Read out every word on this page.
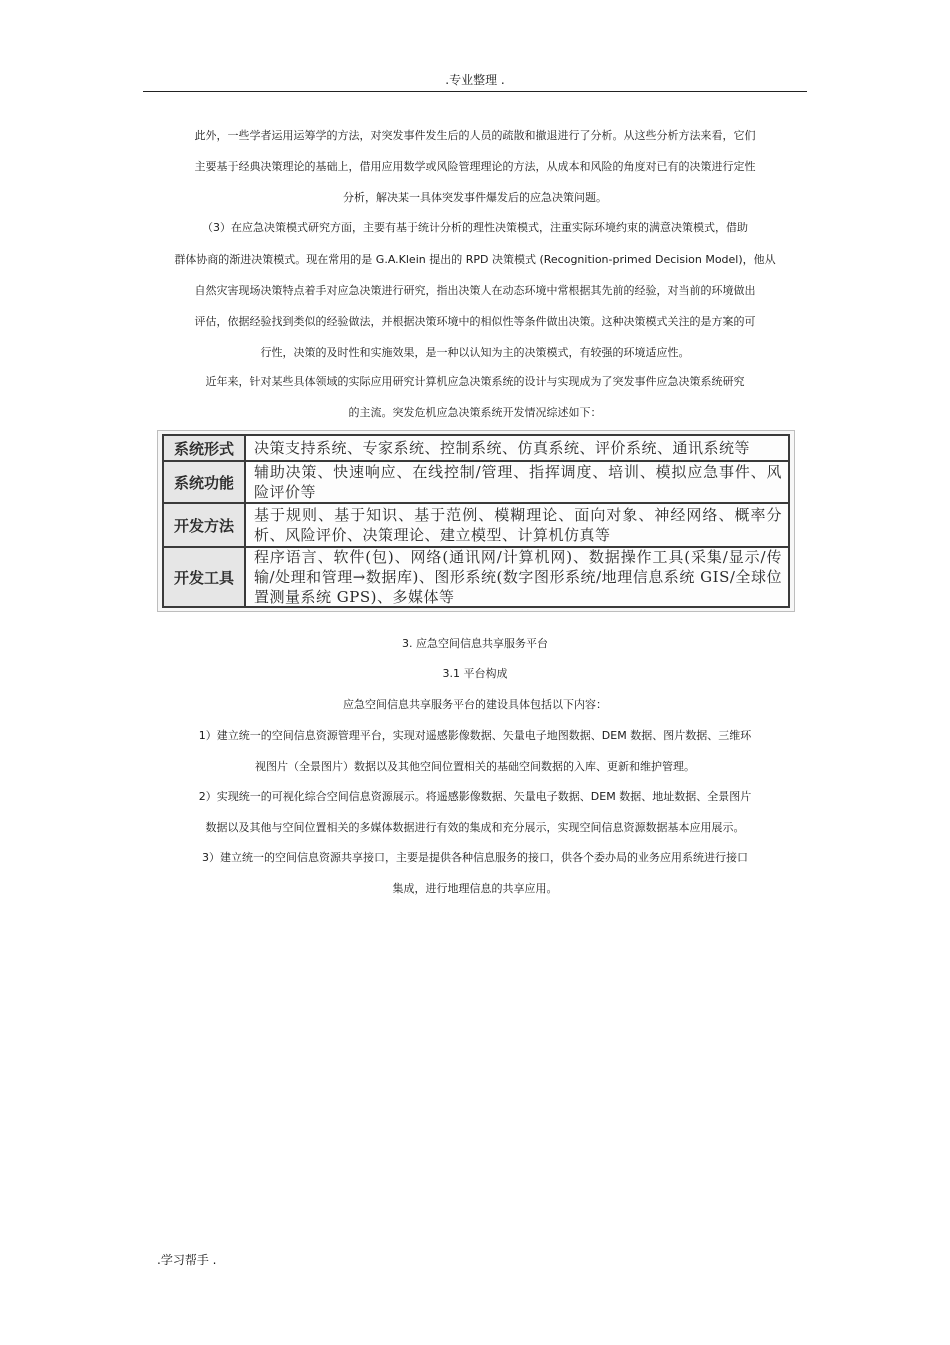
.专业整理 .
此外，一些学者运用运筹学的方法，对突发事件发生后的人员的疏散和撤退进行了分析。从这些分析方法来看，它们
主要基于经典决策理论的基础上，借用应用数学或风险管理理论的方法，从成本和风险的角度对已有的决策进行定性
分析，解决某一具体突发事件爆发后的应急决策问题。
（3）在应急决策模式研究方面，主要有基于统计分析的理性决策模式，注重实际环境约束的满意决策模式，借助
群体协商的渐进决策模式。现在常用的是 G.A.Klein 提出的 RPD 决策模式 (Recognition-primed Decision Model)，他从
自然灾害现场决策特点着手对应急决策进行研究，指出决策人在动态环境中常根据其先前的经验，对当前的环境做出
评估，依据经验找到类似的经验做法，并根据决策环境中的相似性等条件做出决策。这种决策模式关注的是方案的可
行性，决策的及时性和实施效果，是一种以认知为主的决策模式，有较强的环境适应性。
近年来，针对某些具体领域的实际应用研究计算机应急决策系统的设计与实现成为了突发事件应急决策系统研究
的主流。突发危机应急决策系统开发情况综述如下：
系统形式	决策支持系统、专家系统、控制系统、仿真系统、评价系统、通讯系统等
系统功能
辅助决策、快速响应、在线控制/管理、指挥调度、培训、模拟应急事件、风险评价等
开发方法
基于规则、基于知识、基于范例、模糊理论、面向对象、神经网络、概率分析、风险评价、决策理论、建立模型、计算机仿真等
开发工具
程序语言、软件(包)、网络(通讯网/计算机网)、数据操作工具(采集/显示/传输/处理和管理→数据库)、图形系统(数字图形系统/地理信息系统 GIS/全球位置测量系统 GPS)、多媒体等
3. 应急空间信息共享服务平台
3.1 平台构成
应急空间信息共享服务平台的建设具体包括以下内容：
1）建立统一的空间信息资源管理平台，实现对遥感影像数据、矢量电子地图数据、DEM 数据、图片数据、三维环
视图片（全景图片）数据以及其他空间位置相关的基础空间数据的入库、更新和维护管理。
2）实现统一的可视化综合空间信息资源展示。将遥感影像数据、矢量电子数据、DEM 数据、地址数据、全景图片
数据以及其他与空间位置相关的多媒体数据进行有效的集成和充分展示，实现空间信息资源数据基本应用展示。
3）建立统一的空间信息资源共享接口，主要是提供各种信息服务的接口，供各个委办局的业务应用系统进行接口
集成，进行地理信息的共享应用。
.学习帮手 .
